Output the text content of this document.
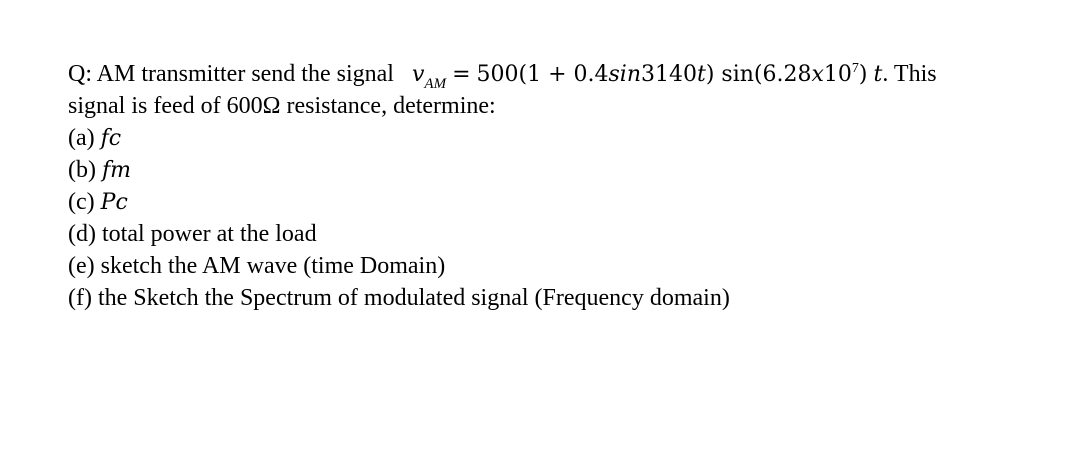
Q: AM transmitter send the signal $v_{AM} = 500(1 + 0.4\sin 3140t)$ $\sin(6.28x10^7)$ t. This
signal is feed of 600Ω resistance, determine:
(a) fc
(b) fm
(c) Pc
(d) total power at the load
(e) sketch the AM wave (time Domain)
(f) the Sketch the Spectrum of modulated signal (Frequency domain)
